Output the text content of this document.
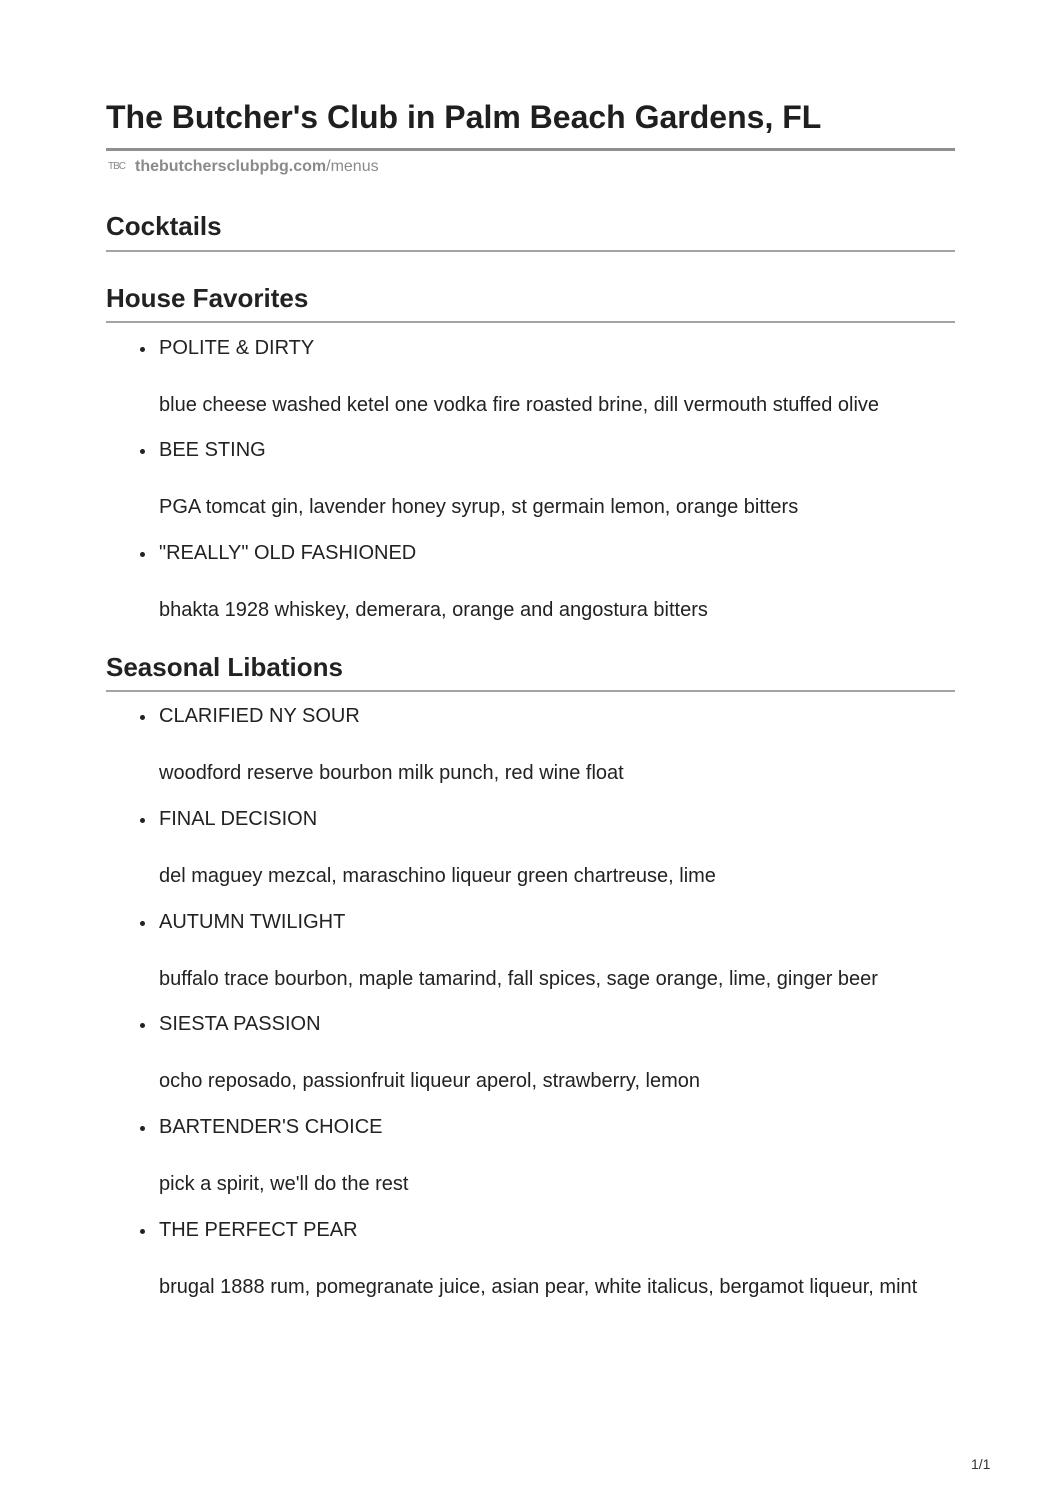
The Butcher's Club in Palm Beach Gardens, FL
TBC thebutchersclubpbg.com/menus
Cocktails
House Favorites
POLITE & DIRTY
blue cheese washed ketel one vodka fire roasted brine, dill vermouth stuffed olive
BEE STING
PGA tomcat gin, lavender honey syrup, st germain lemon, orange bitters
"REALLY" OLD FASHIONED
bhakta 1928 whiskey, demerara, orange and angostura bitters
Seasonal Libations
CLARIFIED NY SOUR
woodford reserve bourbon milk punch, red wine float
FINAL DECISION
del maguey mezcal, maraschino liqueur green chartreuse, lime
AUTUMN TWILIGHT
buffalo trace bourbon, maple tamarind, fall spices, sage orange, lime, ginger beer
SIESTA PASSION
ocho reposado, passionfruit liqueur aperol, strawberry, lemon
BARTENDER'S CHOICE
pick a spirit, we'll do the rest
THE PERFECT PEAR
brugal 1888 rum, pomegranate juice, asian pear, white italicus, bergamot liqueur, mint
1/1
